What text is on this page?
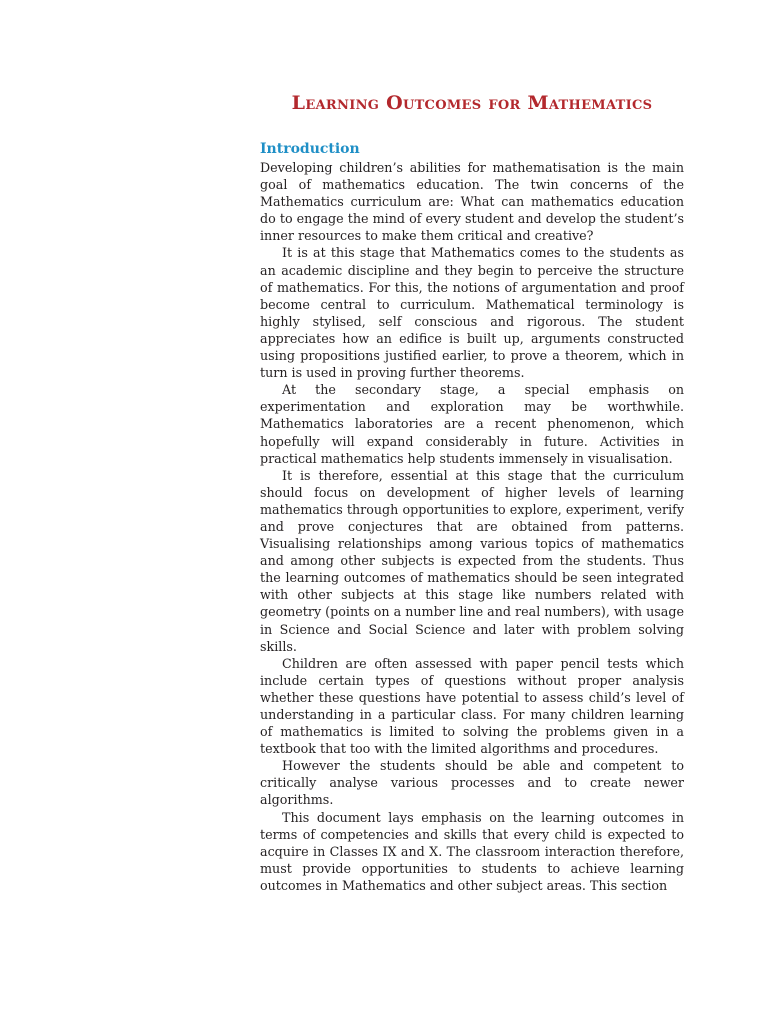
Learning Outcomes for Mathematics
Introduction

Developing children’s abilities for mathematisation is the main goal of mathematics education. The twin concerns of the Mathematics curriculum are: What can mathematics education do to engage the mind of every student and develop the student’s inner resources to make them critical and creative?

It is at this stage that Mathematics comes to the students as an academic discipline and they begin to perceive the structure of mathematics. For this, the notions of argumentation and proof become central to curriculum. Mathematical terminology is highly stylised, self conscious and rigorous. The student appreciates how an edifice is built up, arguments constructed using propositions justified earlier, to prove a theorem, which in turn is used in proving further theorems.

At the secondary stage, a special emphasis on experimentation and exploration may be worthwhile. Mathematics laboratories are a recent phenomenon, which hopefully will expand considerably in future. Activities in practical mathematics help students immensely in visualisation.

It is therefore, essential at this stage that the curriculum should focus on development of higher levels of learning mathematics through opportunities to explore, experiment, verify and prove conjectures that are obtained from patterns. Visualising relationships among various topics of mathematics and among other subjects is expected from the students. Thus the learning outcomes of mathematics should be seen integrated with other subjects at this stage like numbers related with geometry (points on a number line and real numbers), with usage in Science and Social Science and later with problem solving skills.

Children are often assessed with paper pencil tests which include certain types of questions without proper analysis whether these questions have potential to assess child’s level of understanding in a particular class. For many children learning of mathematics is limited to solving the problems given in a textbook that too with the limited algorithms and procedures.

However the students should be able and competent to critically analyse various processes and to create newer algorithms.

This document lays emphasis on the learning outcomes in terms of competencies and skills that every child is expected to acquire in Classes IX and X. The classroom interaction therefore, must provide opportunities to students to achieve learning outcomes in Mathematics and other subject areas. This section
